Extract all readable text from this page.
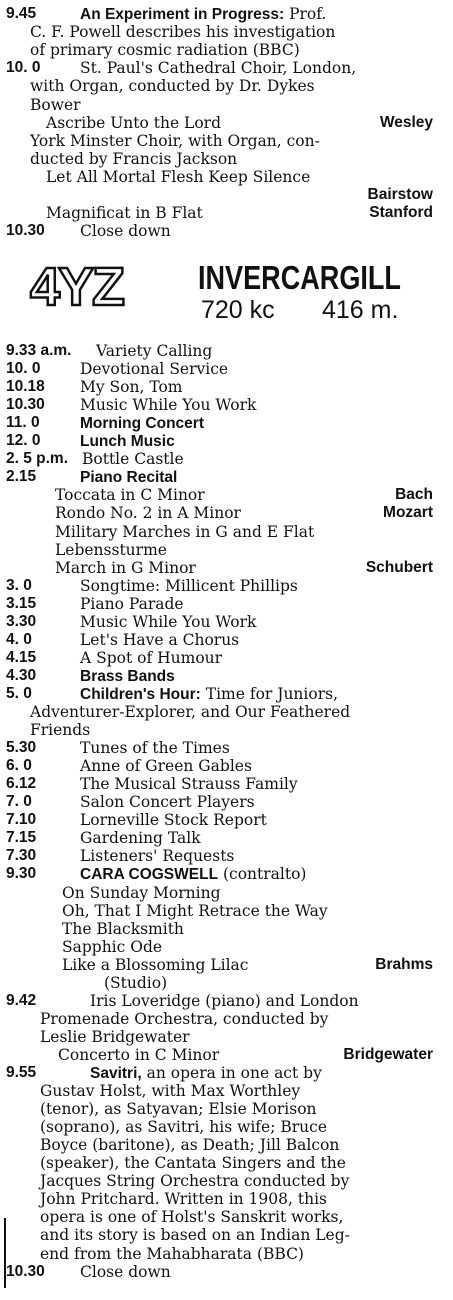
9.45	An Experiment in Progress: Prof.
C. F. Powell describes his investigation
of primary cosmic radiation (BBC)
10. 0	St. Paul's Cathedral Choir, London,
with Organ, conducted by Dr. Dykes
Bower
Ascribe Unto the Lord	Wesley
York Minster Choir, with Organ, con-
ducted by Francis Jackson
Let All Mortal Flesh Keep Silence
Bairstow
Magnificat in B Flat	Stanford
10.30 Close down
4YZ INVERCARGILL
720 kc 416 m.
9.33 a.m. Variety Calling
10. 0	Devotional Service
10.18 My Son, Tom
10.30 Music While You Work
11. 0	Morning Concert
12. 0	Lunch Music
2. 5 p.m. Bottle Castle
2.15	Piano Recital
Toccata in C Minor	Bach
Rondo No. 2 in A Minor	Mozart
Military Marches in G and E Flat
Lebenssturme
March in G Minor	Schubert
3. 0	Songtime: Millicent Phillips
3.15	Piano Parade
3.30	Music While You Work
4. 0	Let's Have a Chorus
4.15	A Spot of Humour
4.30	Brass Bands
5. 0	Children's Hour: Time for Juniors,
Adventurer-Explorer, and Our Feathered
Friends
5.30	Tunes of the Times
6. 0	Anne of Green Gables
6.12	The Musical Strauss Family
7. 0	Salon Concert Players
7.10	Lorneville Stock Report
7.15	Gardening Talk
7.30	Listeners' Requests
9.30	CARA COGSWELL (contralto)
On Sunday Morning
Oh, That I Might Retrace the Way
The Blacksmith
Sapphic Ode
Like a Blossoming Lilac	Brahms
(Studio)
9.42	Iris Loveridge (piano) and London
Promenade Orchestra, conducted by
Leslie Bridgewater
Concerto in C Minor	Bridgewater
9.55	Savitri, an opera in one act by
Gustav Holst, with Max Worthley
(tenor), as Satyavan; Elsie Morison
(soprano), as Savitri, his wife; Bruce
Boyce (baritone), as Death; Jill Balcon
(speaker), the Cantata Singers and the
Jacques String Orchestra conducted by
John Pritchard. Written in 1908, this
opera is one of Holst's Sanskrit works,
and its story is based on an Indian Leg-
end from the Mahabharata (BBC)
10.30 Close down
